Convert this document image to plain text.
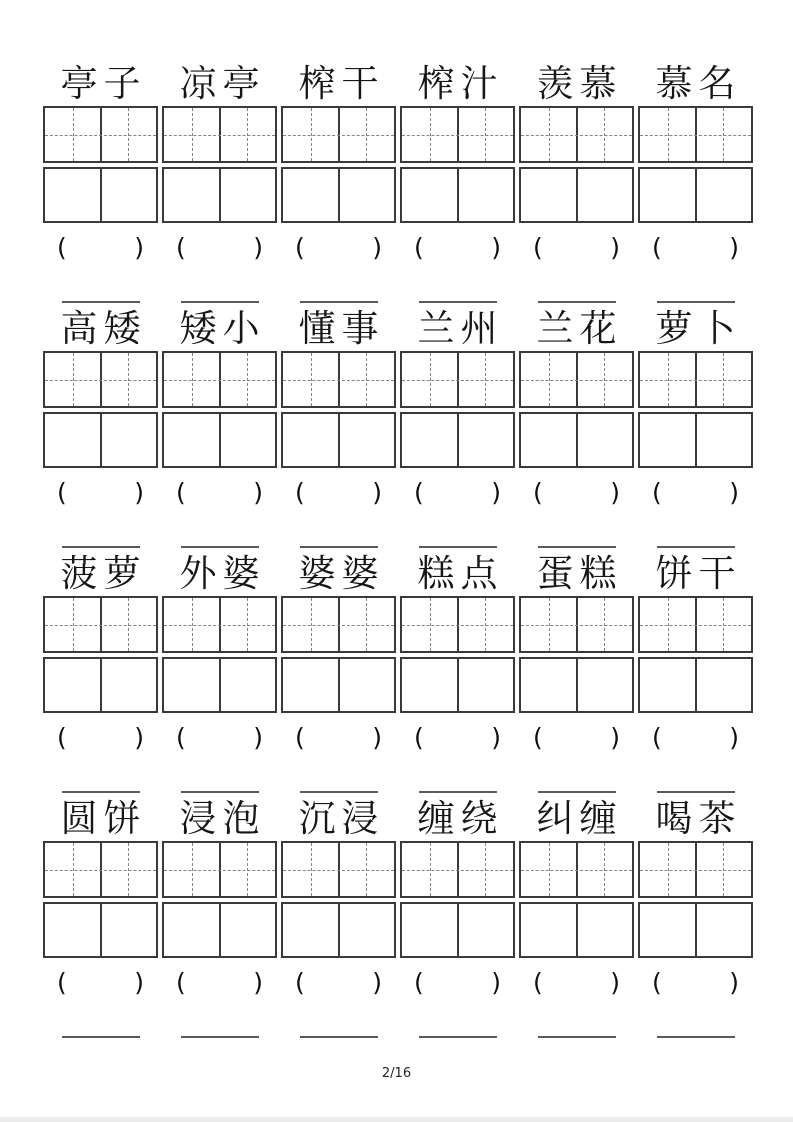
亭子 凉亭 榨干 榨汁 羡慕 慕名
(	) (	) (	) (	) (	) (	)
高矮 矮小 懂事 兰州 兰花 萝卜
(	) (	) (	) (	) (	) (	)
菠萝 外婆 婆婆 糕点 蛋糕 饼干
(	) (	) (	) (	) (	) (	)
圆饼 浸泡 沉浸 缠绕 纠缠 喝茶
(	) (	) (	) (	) (	) (	)
2/16
